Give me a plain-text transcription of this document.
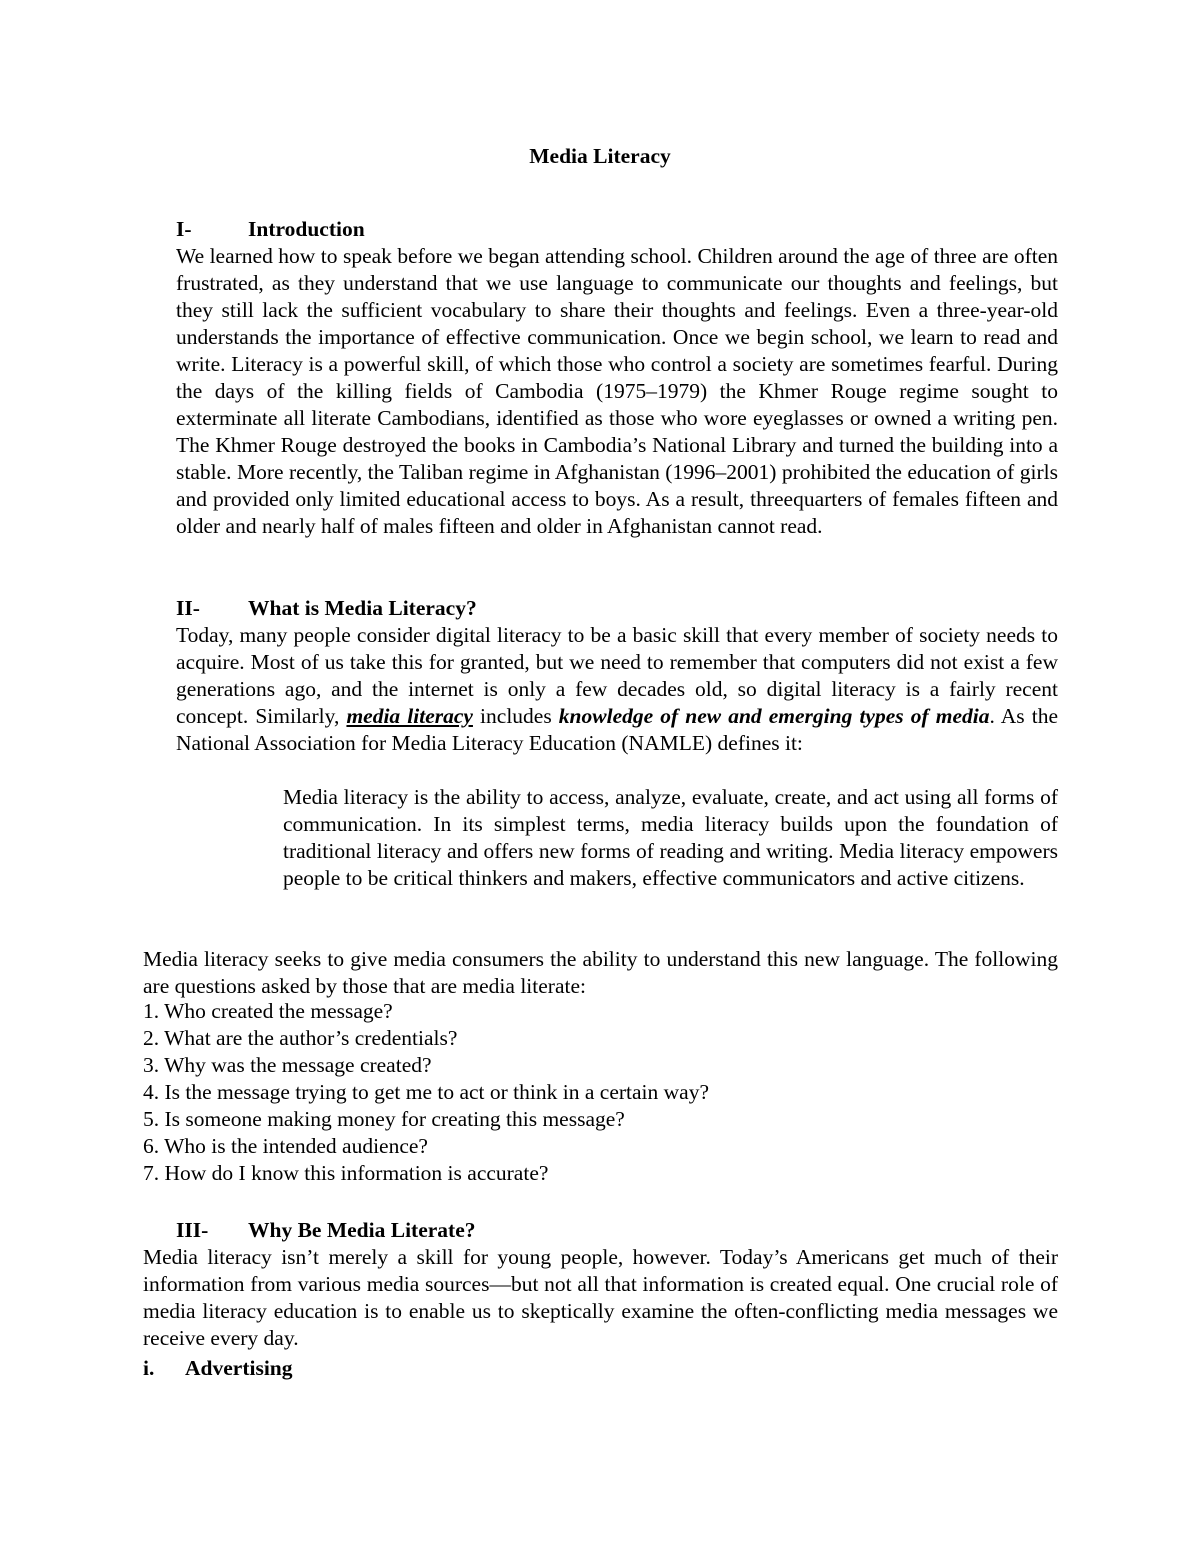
Media Literacy
I-	Introduction
We learned how to speak before we began attending school. Children around the age of three are often frustrated, as they understand that we use language to communicate our thoughts and feelings, but they still lack the sufficient vocabulary to share their thoughts and feelings. Even a three-year-old understands the importance of effective communication. Once we begin school, we learn to read and write. Literacy is a powerful skill, of which those who control a society are sometimes fearful. During the days of the killing fields of Cambodia (1975–1979) the Khmer Rouge regime sought to exterminate all literate Cambodians, identified as those who wore eyeglasses or owned a writing pen. The Khmer Rouge destroyed the books in Cambodia’s National Library and turned the building into a stable. More recently, the Taliban regime in Afghanistan (1996–2001) prohibited the education of girls and provided only limited educational access to boys. As a result, threequarters of females fifteen and older and nearly half of males fifteen and older in Afghanistan cannot read.
II- What is Media Literacy?
Today, many people consider digital literacy to be a basic skill that every member of society needs to acquire. Most of us take this for granted, but we need to remember that computers did not exist a few generations ago, and the internet is only a few decades old, so digital literacy is a fairly recent concept. Similarly, media literacy includes knowledge of new and emerging types of media. As the National Association for Media Literacy Education (NAMLE) defines it:
Media literacy is the ability to access, analyze, evaluate, create, and act using all forms of communication. In its simplest terms, media literacy builds upon the foundation of traditional literacy and offers new forms of reading and writing. Media literacy empowers people to be critical thinkers and makers, effective communicators and active citizens.
Media literacy seeks to give media consumers the ability to understand this new language. The following are questions asked by those that are media literate:
1. Who created the message?
2. What are the author’s credentials?
3. Why was the message created?
4. Is the message trying to get me to act or think in a certain way?
5. Is someone making money for creating this message?
6. Who is the intended audience?
7. How do I know this information is accurate?
III- Why Be Media Literate?
Media literacy isn’t merely a skill for young people, however. Today’s Americans get much of their information from various media sources—but not all that information is created equal. One crucial role of media literacy education is to enable us to skeptically examine the often-conflicting media messages we receive every day.
i. Advertising
